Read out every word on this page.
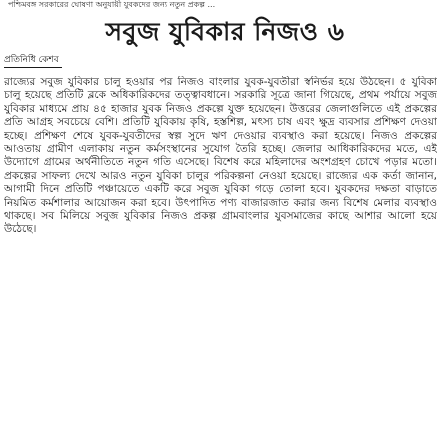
পশ্চিমবঙ্গ সরকারের ঘোষণা অনুযায়ী যুবকদের জন্য নতুন প্রকল্প ...
সবুজ যুবিকার নিজও ৬
প্রতিনিধি কেশব

রাজ্যের সবুজ যুবিকার চালু হওয়ার পর নিজও বাংলার যুবক-যুবতীরা স্বনির্ভর হয়ে উঠছেন। ৫ যুবিকা চালু হয়েছে প্রতিটি ব্লকে অধিকারিকদের তত্ত্বাবধানে। সরকারি সূত্রে জানা গিয়েছে, প্রথম পর্যায়ে সবুজ যুবিকার মাধ্যমে প্রায় ৪৫ হাজার যুবক নিজও প্রকল্পে যুক্ত হয়েছেন। উত্তরের জেলাগুলিতে এই প্রকল্পের প্রতি আগ্রহ সবচেয়ে বেশি। প্রতিটি যুবিকায় কৃষি, হস্তশিল্প, মৎস্য চাষ এবং ক্ষুদ্র ব্যবসার প্রশিক্ষণ দেওয়া হচ্ছে। প্রশিক্ষণ শেষে যুবক-যুবতীদের স্বল্প সুদে ঋণ দেওয়ার ব্যবস্থাও করা হয়েছে। নিজও প্রকল্পের আওতায় গ্রামীণ এলাকায় নতুন কর্মসংস্থানের সুযোগ তৈরি হচ্ছে। জেলার আধিকারিকদের মতে, এই উদ্যোগে গ্রামের অর্থনীতিতে নতুন গতি এসেছে। বিশেষ করে মহিলাদের অংশগ্রহণ চোখে পড়ার মতো। প্রকল্পের সাফল্য দেখে আরও নতুন যুবিকা চালুর পরিকল্পনা নেওয়া হয়েছে। রাজ্যের এক কর্তা জানান, আগামী দিনে প্রতিটি পঞ্চায়েতে একটি করে সবুজ যুবিকা গড়ে তোলা হবে। যুবকদের দক্ষতা বাড়াতে নিয়মিত কর্মশালার আয়োজন করা হবে। উৎপাদিত পণ্য বাজারজাত করার জন্য বিশেষ মেলার ব্যবস্থাও থাকছে। সব মিলিয়ে সবুজ যুবিকার নিজও প্রকল্প গ্রামবাংলার যুবসমাজের কাছে আশার আলো হয়ে উঠেছে।
